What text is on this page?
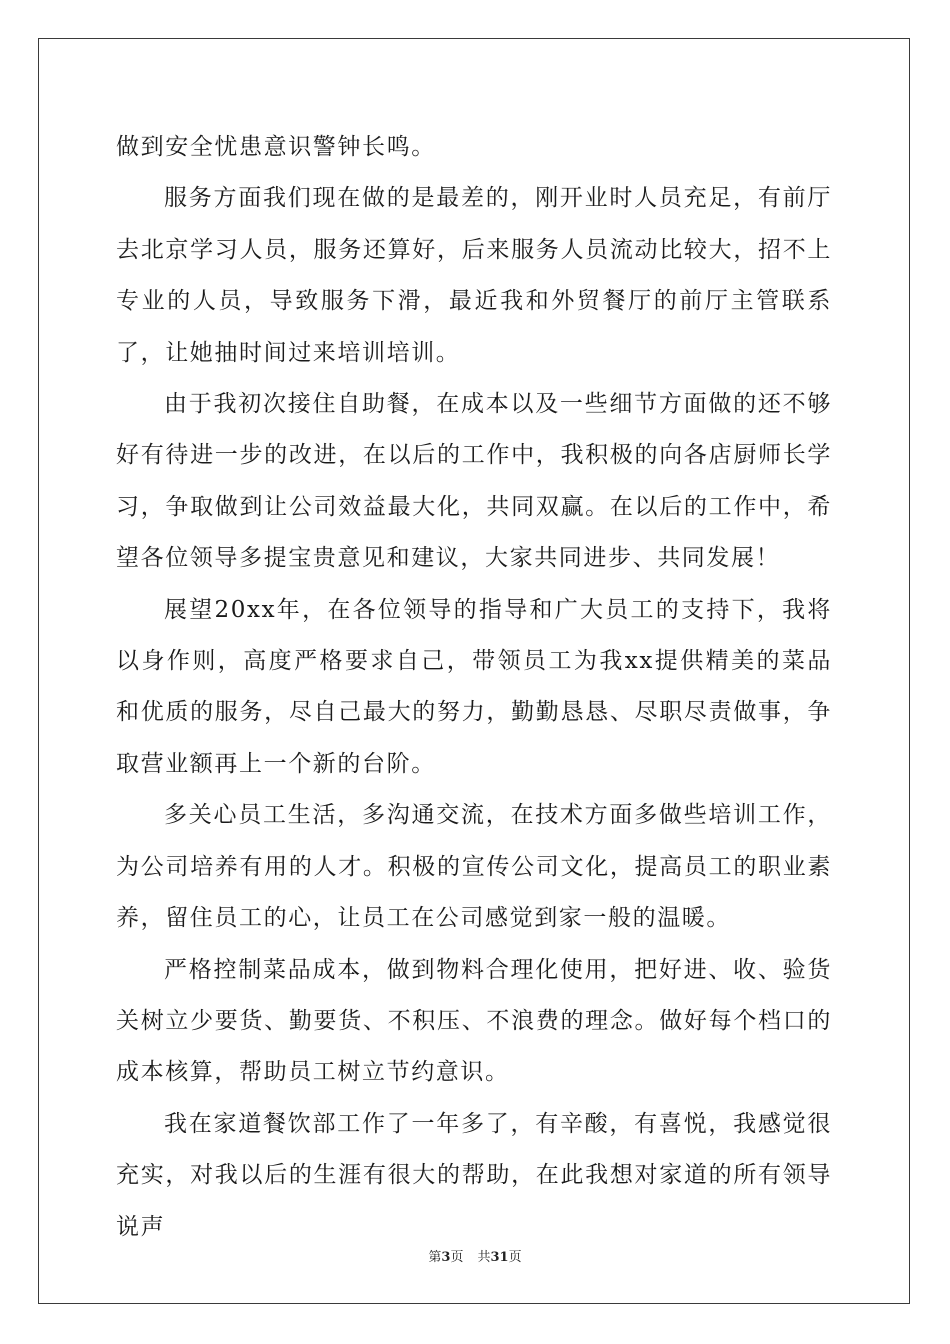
做到安全忧患意识警钟长鸣。

服务方面我们现在做的是最差的，刚开业时人员充足，有前厅去北京学习人员，服务还算好，后来服务人员流动比较大，招不上专业的人员，导致服务下滑，最近我和外贸餐厅的前厅主管联系了，让她抽时间过来培训培训。

由于我初次接住自助餐，在成本以及一些细节方面做的还不够好有待进一步的改进，在以后的工作中，我积极的向各店厨师长学习，争取做到让公司效益最大化，共同双赢。在以后的工作中，希望各位领导多提宝贵意见和建议，大家共同进步、共同发展！

展望20xx年，在各位领导的指导和广大员工的支持下，我将以身作则，高度严格要求自己，带领员工为我xx提供精美的菜品和优质的服务，尽自己最大的努力，勤勤恳恳、尽职尽责做事，争取营业额再上一个新的台阶。

多关心员工生活，多沟通交流，在技术方面多做些培训工作，为公司培养有用的人才。积极的宣传公司文化，提高员工的职业素养，留住员工的心，让员工在公司感觉到家一般的温暖。

严格控制菜品成本，做到物料合理化使用，把好进、收、验货关树立少要货、勤要货、不积压、不浪费的理念。做好每个档口的成本核算，帮助员工树立节约意识。

我在家道餐饮部工作了一年多了，有辛酸，有喜悦，我感觉很充实，对我以后的生涯有很大的帮助，在此我想对家道的所有领导说声

第3页 共31页
